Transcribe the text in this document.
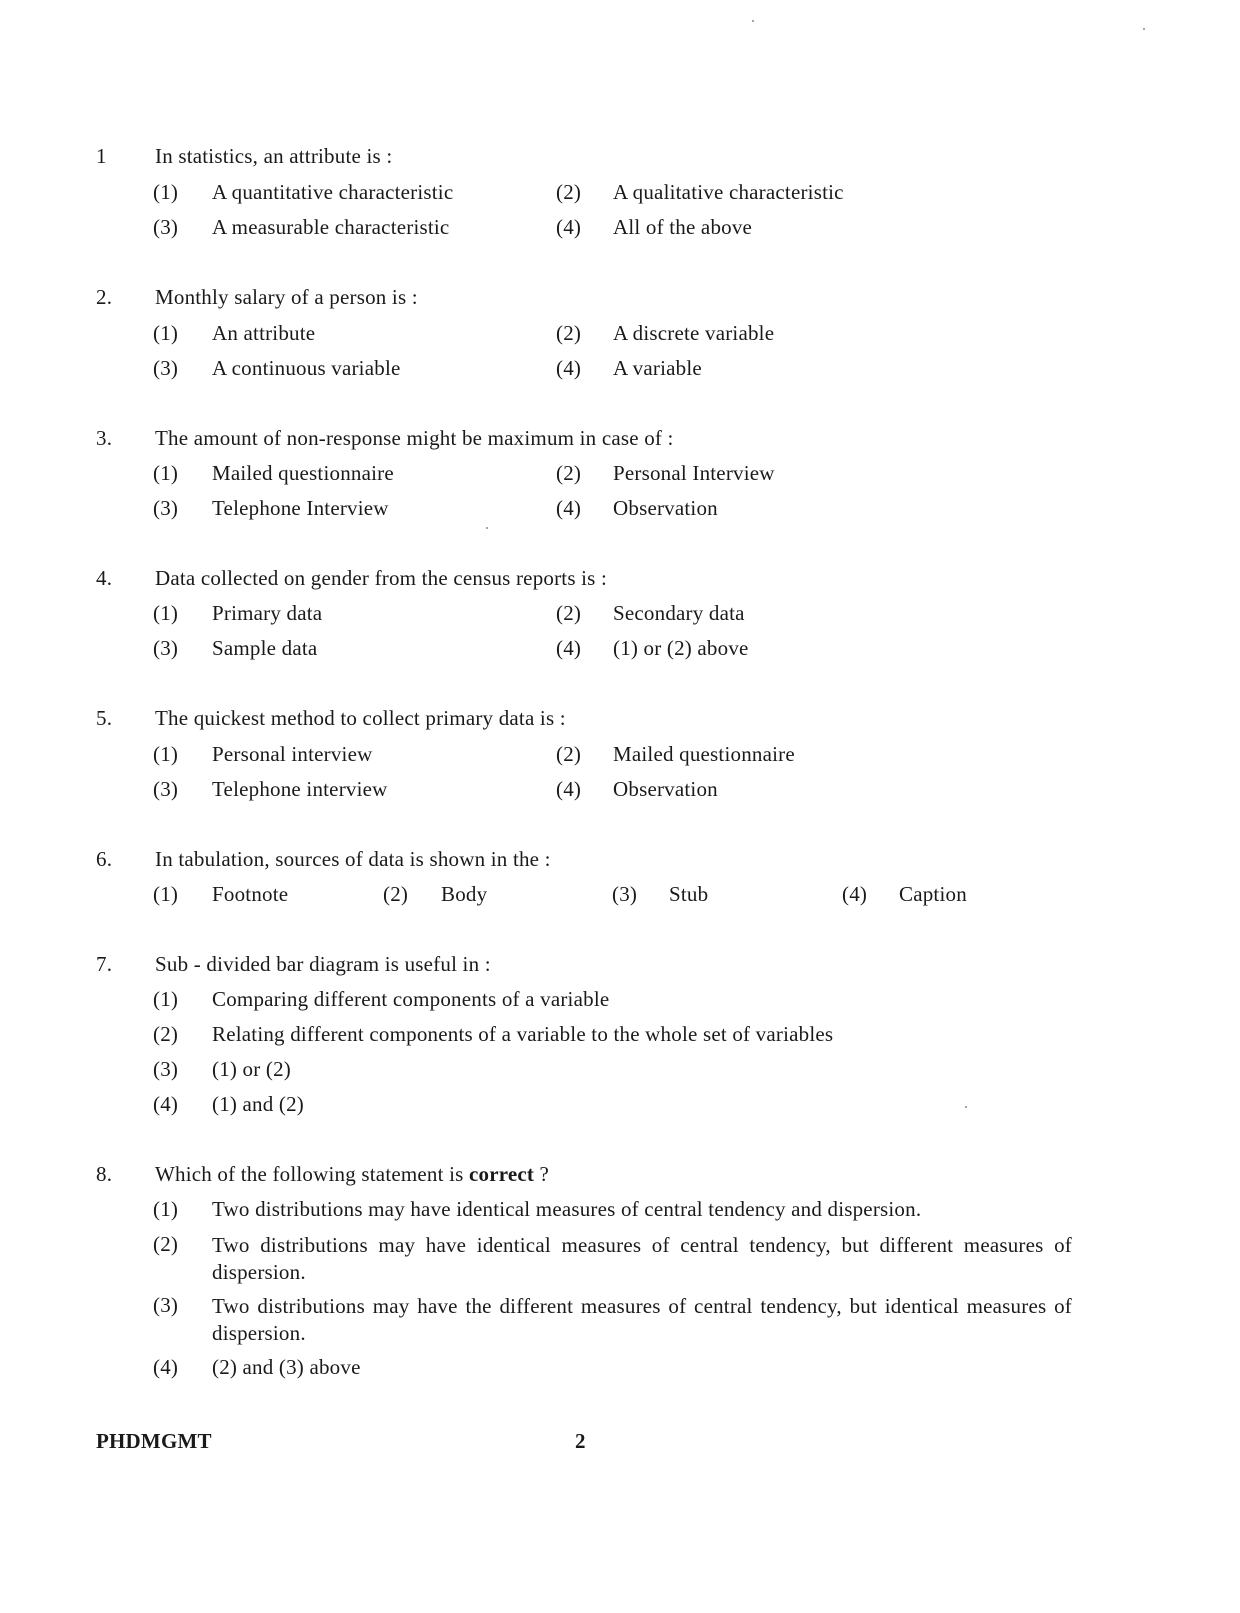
1 In statistics, an attribute is :
(1) A quantitative characteristic	(2) A qualitative characteristic
(3) A measurable characteristic	(4) All of the above
2. Monthly salary of a person is :
(1) An attribute	(2) A discrete variable
(3) A continuous variable	(4) A variable
3. The amount of non-response might be maximum in case of :
(1) Mailed questionnaire	(2) Personal Interview
(3) Telephone Interview	(4) Observation
4. Data collected on gender from the census reports is :
(1) Primary data	(2) Secondary data
(3) Sample data	(4) (1) or (2) above
5. The quickest method to collect primary data is :
(1) Personal interview	(2) Mailed questionnaire
(3) Telephone interview	(4) Observation
6. In tabulation, sources of data is shown in the :
(1) Footnote	(2) Body	(3) Stub	(4) Caption
7. Sub - divided bar diagram is useful in :
(1) Comparing different components of a variable
(2) Relating different components of a variable to the whole set of variables
(3) (1) or (2)
(4) (1) and (2)
8. Which of the following statement is correct ?
(1) Two distributions may have identical measures of central tendency and dispersion.
(2) Two distributions may have identical measures of central tendency, but different measures of dispersion.
(3) Two distributions may have the different measures of central tendency, but identical measures of dispersion.
(4) (2) and (3) above
PHDMGMT	2
